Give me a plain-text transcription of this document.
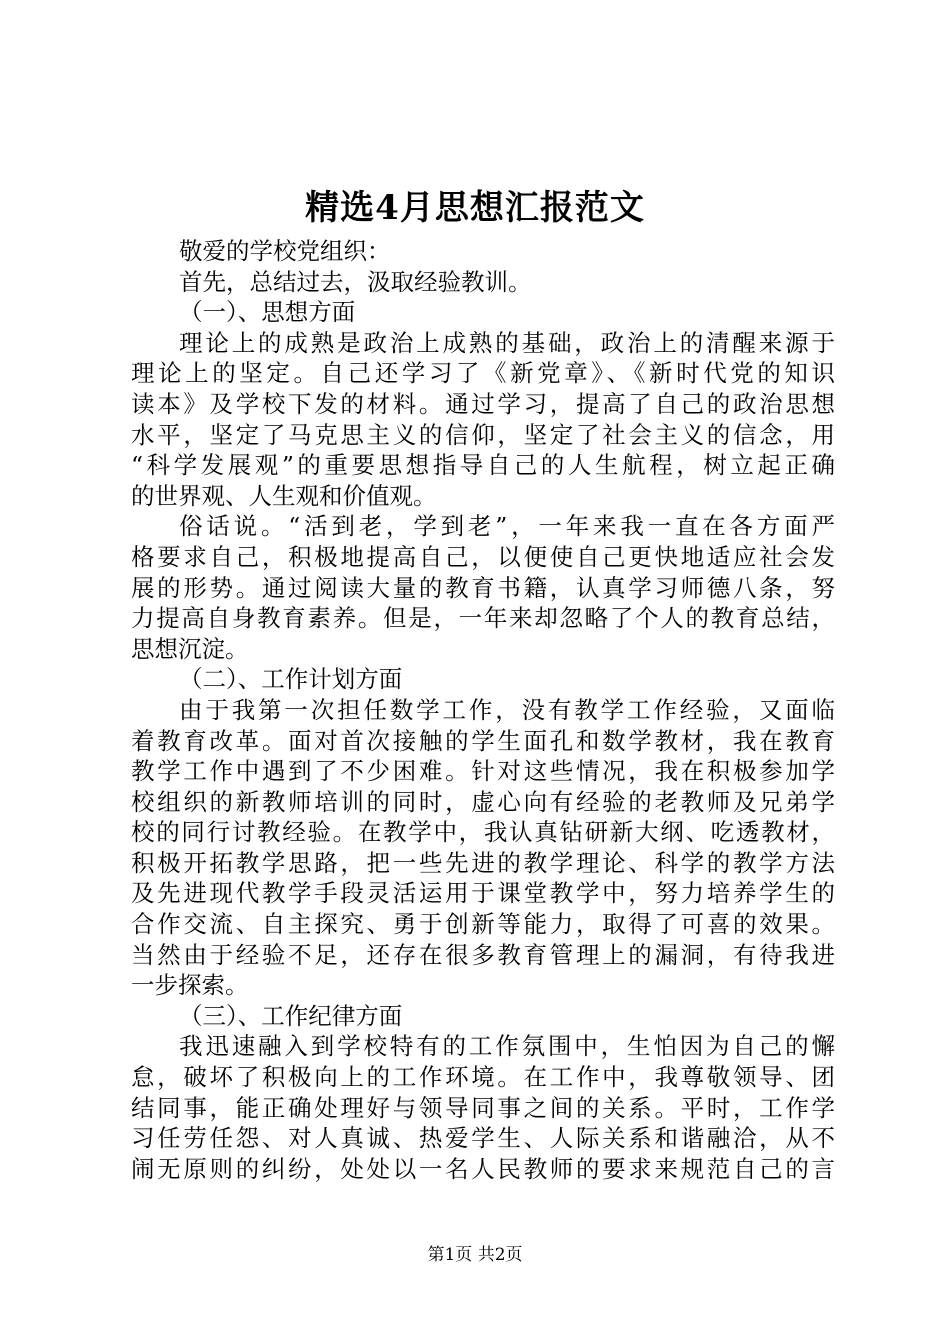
精选4月思想汇报范文
敬爱的学校党组织：
首先，总结过去，汲取经验教训。
（一）、思想方面
理论上的成熟是政治上成熟的基础，政治上的清醒来源于
理论上的坚定。自己还学习了《新党章》、《新时代党的知识
读本》及学校下发的材料。通过学习，提高了自己的政治思想
水平，坚定了马克思主义的信仰，坚定了社会主义的信念，用
“科学发展观”的重要思想指导自己的人生航程，树立起正确
的世界观、人生观和价值观。
俗话说。“活到老，学到老”，一年来我一直在各方面严
格要求自己，积极地提高自己，以便使自己更快地适应社会发
展的形势。通过阅读大量的教育书籍，认真学习师德八条，努
力提高自身教育素养。但是，一年来却忽略了个人的教育总结，
思想沉淀。
（二）、工作计划方面
由于我第一次担任数学工作，没有教学工作经验，又面临
着教育改革。面对首次接触的学生面孔和数学教材，我在教育
教学工作中遇到了不少困难。针对这些情况，我在积极参加学
校组织的新教师培训的同时，虚心向有经验的老教师及兄弟学
校的同行讨教经验。在教学中，我认真钻研新大纲、吃透教材，
积极开拓教学思路，把一些先进的教学理论、科学的教学方法
及先进现代教学手段灵活运用于课堂教学中，努力培养学生的
合作交流、自主探究、勇于创新等能力，取得了可喜的效果。
当然由于经验不足，还存在很多教育管理上的漏洞，有待我进
一步探索。
（三）、工作纪律方面
我迅速融入到学校特有的工作氛围中，生怕因为自己的懈
怠，破坏了积极向上的工作环境。在工作中，我尊敬领导、团
结同事，能正确处理好与领导同事之间的关系。平时，工作学
习任劳任怨、对人真诚、热爱学生、人际关系和谐融洽，从不
闹无原则的纠纷，处处以一名人民教师的要求来规范自己的言
第1页 共2页
